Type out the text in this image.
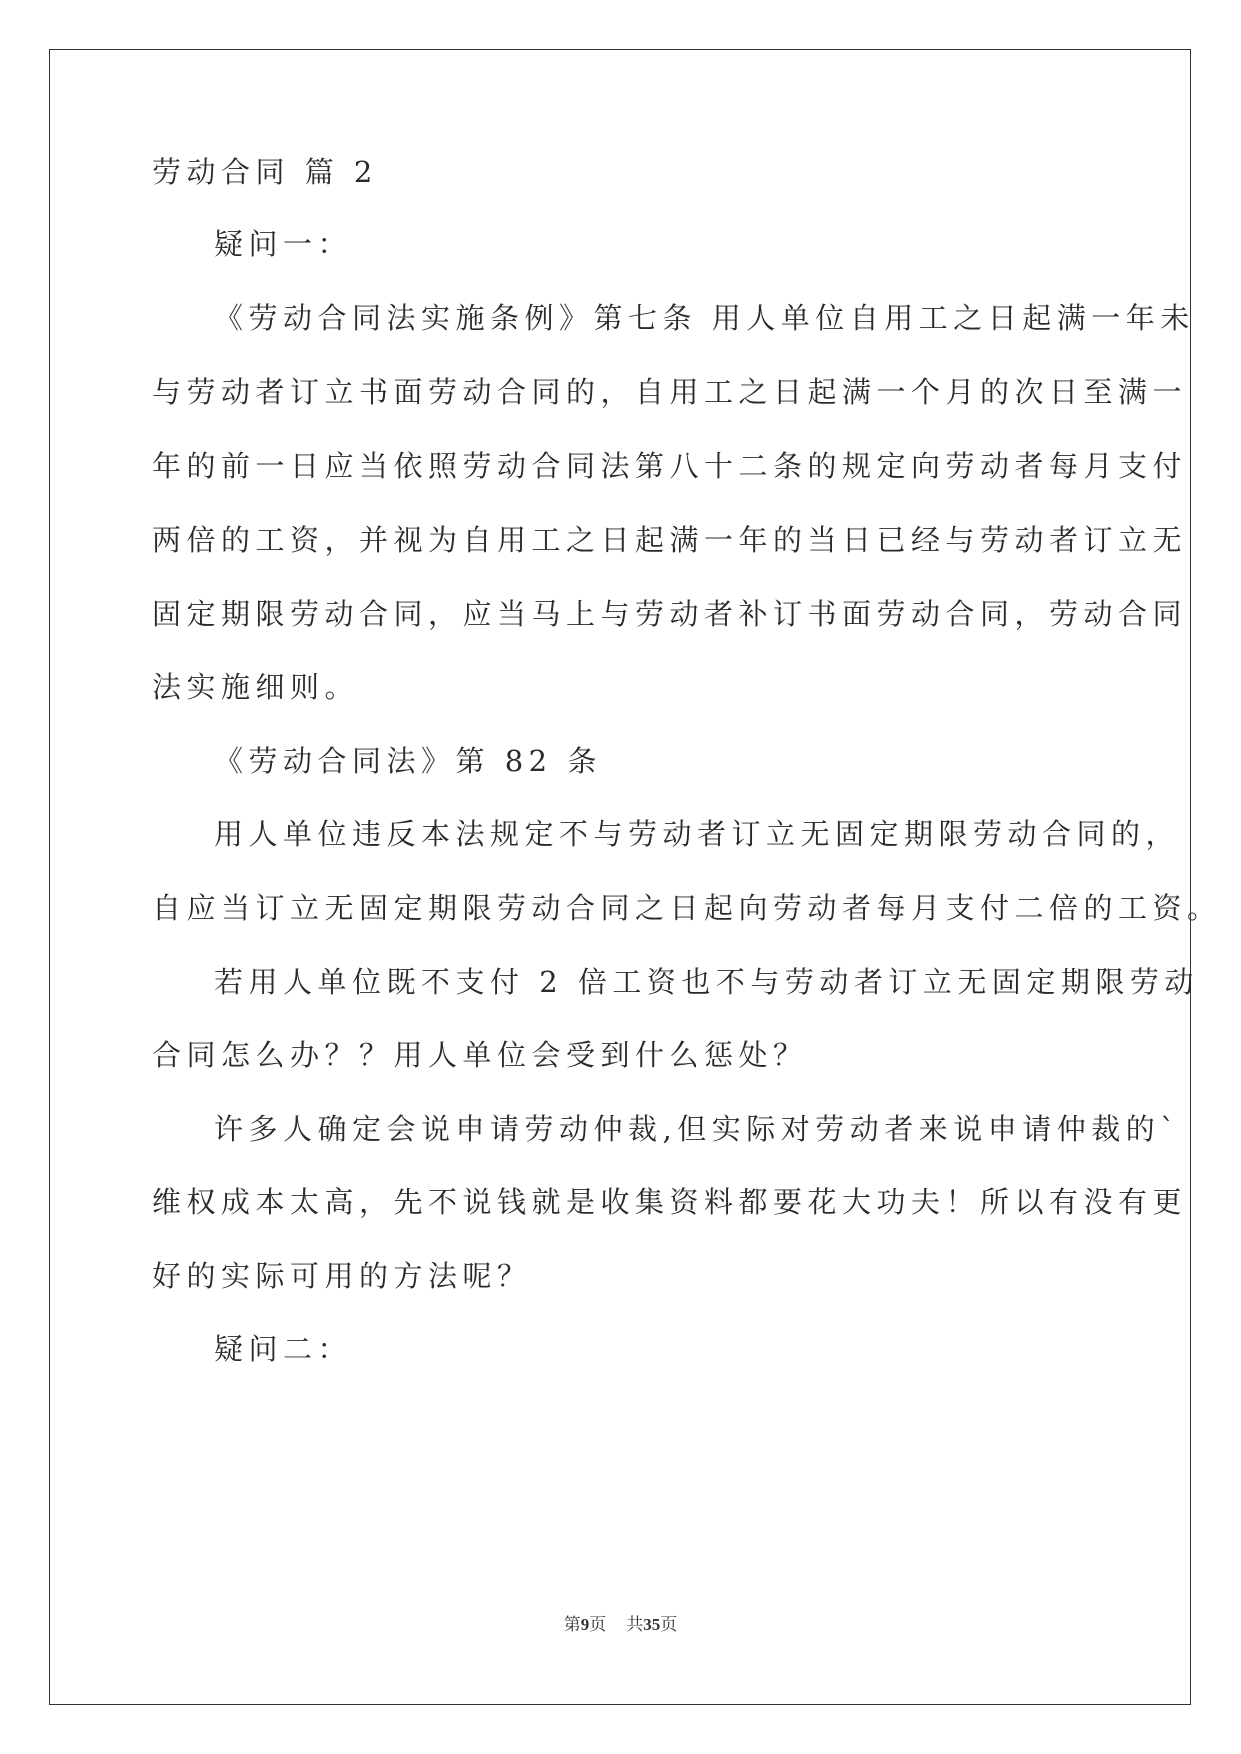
劳动合同 篇 2
疑问一：
《劳动合同法实施条例》第七条 用人单位自用工之日起满一年未
与劳动者订立书面劳动合同的，自用工之日起满一个月的次日至满一
年的前一日应当依照劳动合同法第八十二条的规定向劳动者每月支付
两倍的工资，并视为自用工之日起满一年的当日已经与劳动者订立无
固定期限劳动合同，应当马上与劳动者补订书面劳动合同，劳动合同
法实施细则。
《劳动合同法》第 82 条
用人单位违反本法规定不与劳动者订立无固定期限劳动合同的，
自应当订立无固定期限劳动合同之日起向劳动者每月支付二倍的工资。
若用人单位既不支付 2 倍工资也不与劳动者订立无固定期限劳动
合同怎么办？？用人单位会受到什么惩处？
许多人确定会说申请劳动仲裁,但实际对劳动者来说申请仲裁的`
维权成本太高，先不说钱就是收集资料都要花大功夫！所以有没有更
好的实际可用的方法呢？
疑问二：
第9页 共35页
